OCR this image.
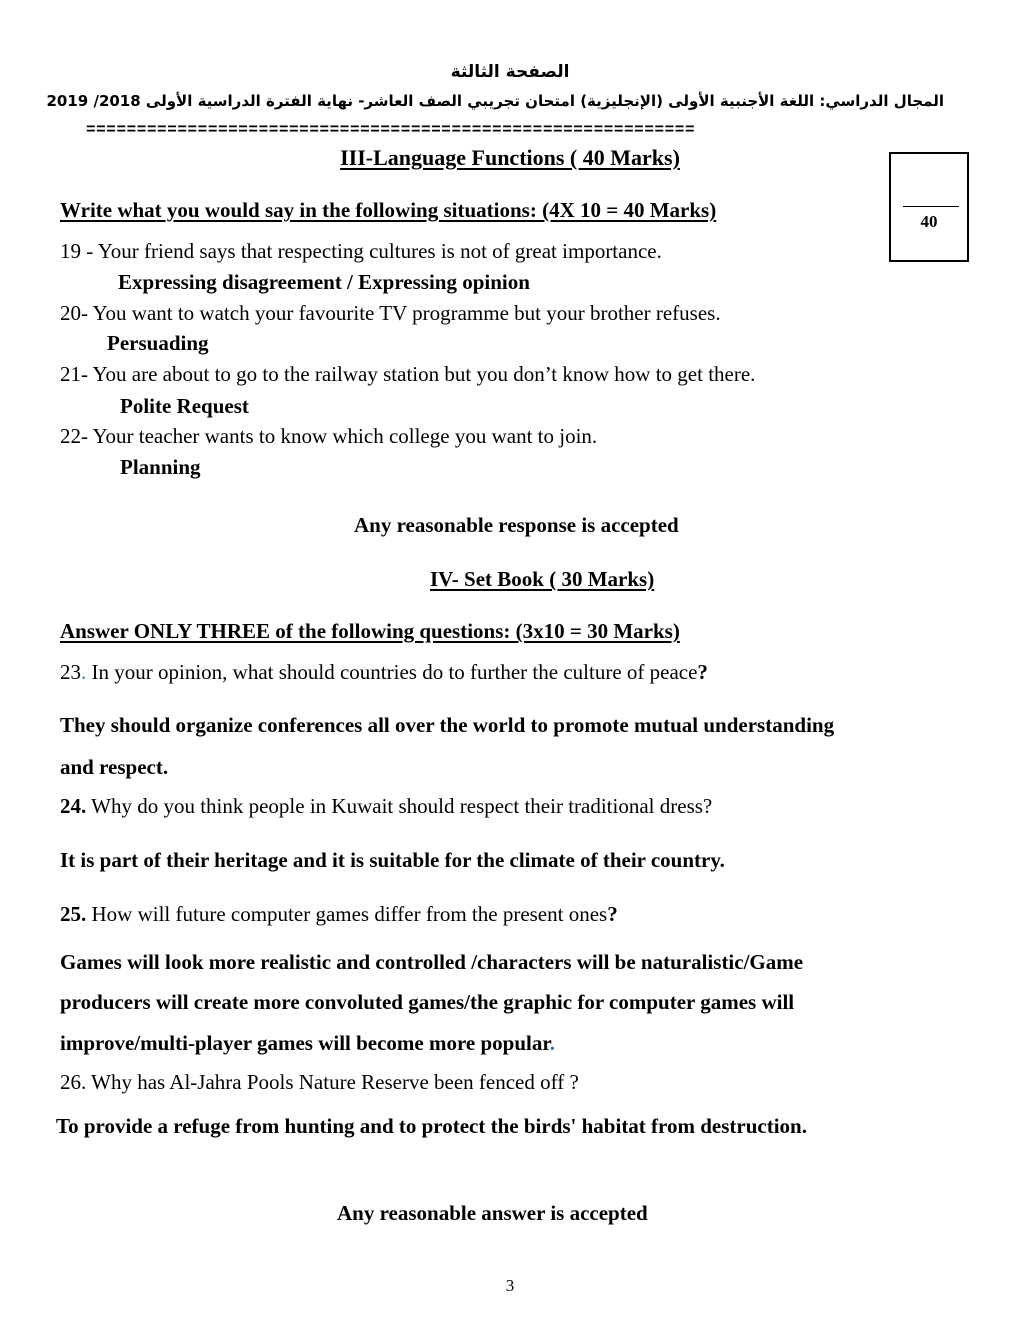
الصفحة الثالثة
المجال الدراسي: اللغة الأجنبية الأولى (الإنجليزية) امتحان تجريبي الصف العاشر- نهاية الفترة الدراسية الأولى 2018/ 2019
============================================================
40
III-Language Functions ( 40 Marks)
Write what you would say in the following situations: (4X 10 = 40 Marks)
19 - Your friend says that respecting cultures is not of great importance.
Expressing disagreement / Expressing opinion
20- You want to watch your favourite TV programme but your brother refuses.
Persuading
21- You are about to go to the railway station but you don’t know how to get there.
Polite Request
22- Your teacher wants to know which college you want to join.
Planning
Any reasonable response is accepted
IV- Set Book ( 30 Marks)
Answer ONLY THREE of the following questions: (3x10 = 30 Marks)
23. In your opinion, what should countries do to further the culture of peace?
They should organize conferences all over the world to promote mutual understanding
and respect.
24. Why do you think people in Kuwait should respect their traditional dress?
It is part of their heritage and it is suitable for the climate of their country.
25. How will future computer games differ from the present ones?
Games will look more realistic and controlled /characters will be naturalistic/Game
producers will create more convoluted games/the graphic for computer games will
improve/multi-player games will become more popular.
26. Why has Al-Jahra Pools Nature Reserve been fenced off ?
To provide a refuge from hunting and to protect the birds' habitat from destruction.
Any reasonable answer is accepted
3
